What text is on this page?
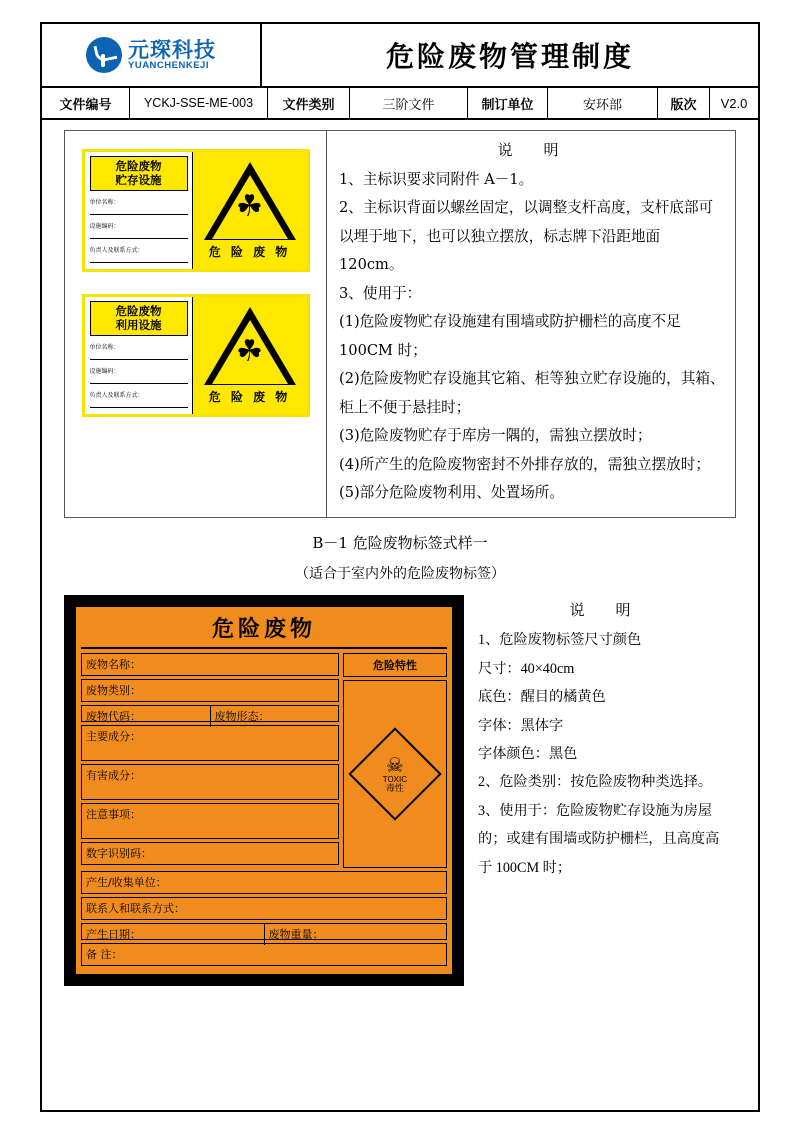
元琛科技
YUANCHENKEJI	危险废物管理制度
文件编号	YCKJ-SSE-ME-003	文件类别	三阶文件	制订单位	安环部	版次	V2.0
危险废物
贮存设施
单位名称：
设施编码：
负责人及联系方式：
☘
危 险 废 物
危险废物
利用设施
单位名称：
设施编码：
负责人及联系方式：
☘
危 险 废 物
说　明

1、主标识要求同附件 A－1。

2、主标识背面以螺丝固定，以调整支杆高度，支杆底部可以埋于地下，也可以独立摆放，标志牌下沿距地面 120cm。

3、使用于：

(1)危险废物贮存设施建有围墙或防护栅栏的高度不足 100CM 时；

(2)危险废物贮存设施其它箱、柜等独立贮存设施的，其箱、柜上不便于悬挂时；

(3)危险废物贮存于库房一隅的，需独立摆放时；

(4)所产生的危险废物密封不外排存放的，需独立摆放时；

(5)部分危险废物利用、处置场所。

B－1 危险废物标签式样一
（适合于室内外的危险废物标签）
危险废物
废物名称：
废物类别：
废物代码：	废物形态：
主要成分：
有害成分：
注意事项：
数字识别码：
危险特性
☠
TOXIC
毒性
产生/收集单位：
联系人和联系方式：
产生日期：	废物重量：
备 注：
说　明

1、危险废物标签尺寸颜色

尺寸：40×40cm

底色：醒目的橘黄色

字体：黑体字

字体颜色：黑色

2、危险类别：按危险废物种类选择。

3、使用于：危险废物贮存设施为房屋的；或建有围墙或防护栅栏，且高度高于 100CM 时；
